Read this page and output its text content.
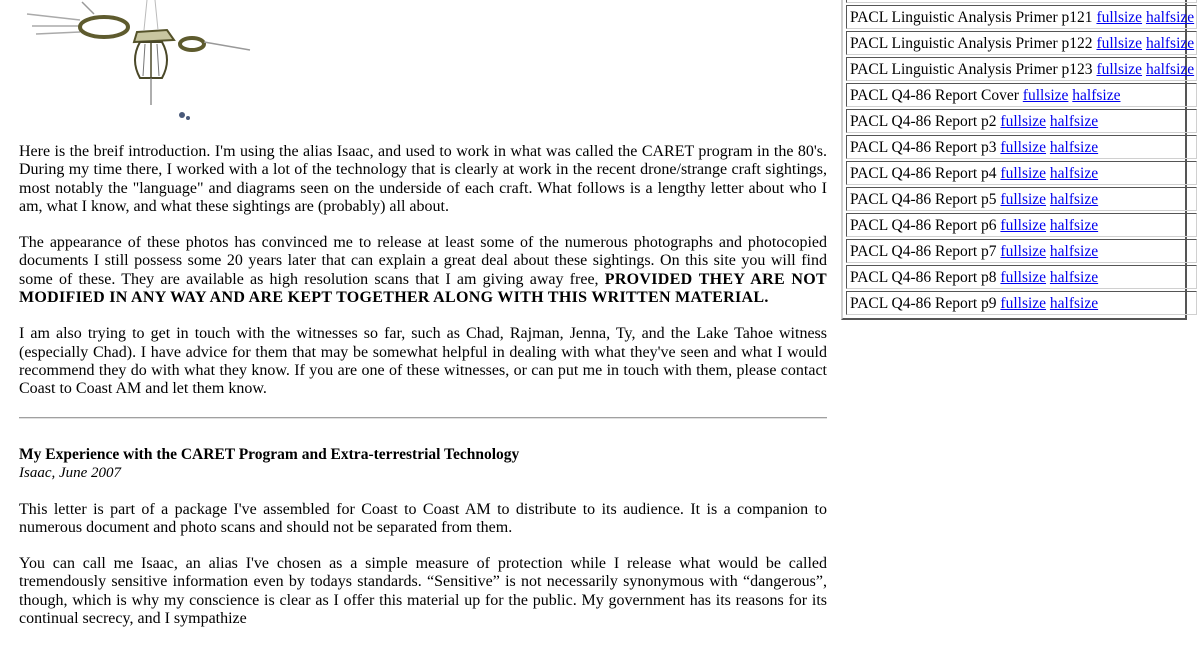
Here is the breif introduction. I'm using the alias Isaac, and used to work in what was called the CARET program in the 80's. During my time there, I worked with a lot of the technology that is clearly at work in the recent drone/strange craft sightings, most notably the "language" and diagrams seen on the underside of each craft. What follows is a lengthy letter about who I am, what I know, and what these sightings are (probably) all about.

The appearance of these photos has convinced me to release at least some of the numerous photographs and photocopied documents I still possess some 20 years later that can explain a great deal about these sightings. On this site you will find some of these. They are available as high resolution scans that I am giving away free, PROVIDED THEY ARE NOT MODIFIED IN ANY WAY AND ARE KEPT TOGETHER ALONG WITH THIS WRITTEN MATERIAL.

I am also trying to get in touch with the witnesses so far, such as Chad, Rajman, Jenna, Ty, and the Lake Tahoe witness (especially Chad). I have advice for them that may be somewhat helpful in dealing with what they've seen and what I would recommend they do with what they know. If you are one of these witnesses, or can put me in touch with them, please contact Coast to Coast AM and let them know.

My Experience with the CARET Program and Extra-terrestrial Technology
Isaac, June 2007

This letter is part of a package I've assembled for Coast to Coast AM to distribute to its audience. It is a companion to numerous document and photo scans and should not be separated from them.

You can call me Isaac, an alias I've chosen as a simple measure of protection while I release what would be called tremendously sensitive information even by todays standards. “Sensitive” is not necessarily synonymous with “dangerous”, though, which is why my conscience is clear as I offer this material up for the public. My government has its reasons for its continual secrecy, and I sympathize

PACL Linguistic Analysis Primer p121 fullsize halfsize
PACL Linguistic Analysis Primer p122 fullsize halfsize
PACL Linguistic Analysis Primer p123 fullsize halfsize
PACL Q4-86 Report Cover fullsize halfsize
PACL Q4-86 Report p2 fullsize halfsize
PACL Q4-86 Report p3 fullsize halfsize
PACL Q4-86 Report p4 fullsize halfsize
PACL Q4-86 Report p5 fullsize halfsize
PACL Q4-86 Report p6 fullsize halfsize
PACL Q4-86 Report p7 fullsize halfsize
PACL Q4-86 Report p8 fullsize halfsize
PACL Q4-86 Report p9 fullsize halfsize
